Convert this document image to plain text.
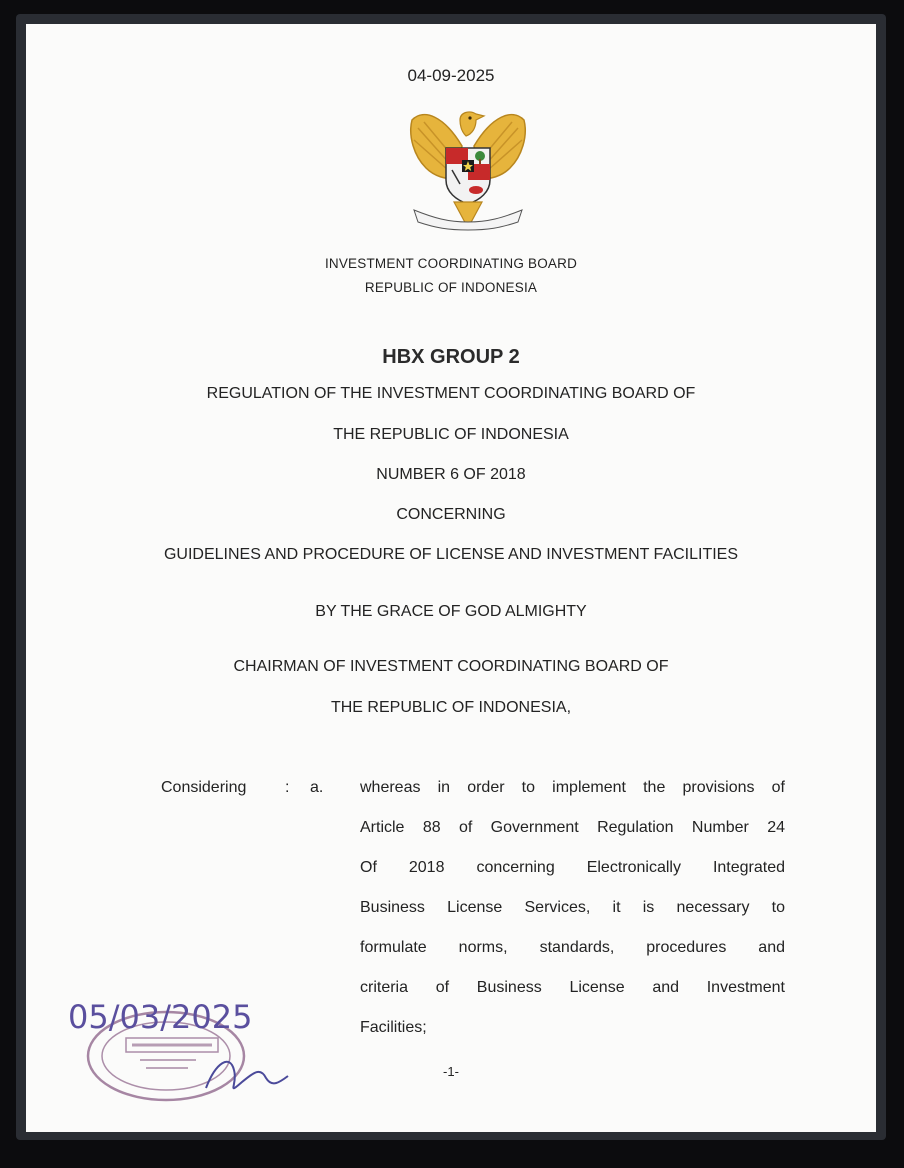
04-09-2025
INVESTMENT COORDINATING BOARD
REPUBLIC OF INDONESIA
HBX GROUP 2
REGULATION OF THE INVESTMENT COORDINATING BOARD OF
THE REPUBLIC OF INDONESIA
NUMBER 6 OF 2018
CONCERNING
GUIDELINES AND PROCEDURE OF LICENSE AND INVESTMENT FACILITIES
BY THE GRACE OF GOD ALMIGHTY
CHAIRMAN OF INVESTMENT COORDINATING BOARD OF
THE REPUBLIC OF INDONESIA,
Considering : a. whereas in order to implement the provisions of
Article 88 of Government Regulation Number 24
Of 2018 concerning Electronically Integrated
Business License Services, it is necessary to
formulate norms, standards, procedures and
criteria of Business License and Investment
Facilities;
-1-
05/03/2025
